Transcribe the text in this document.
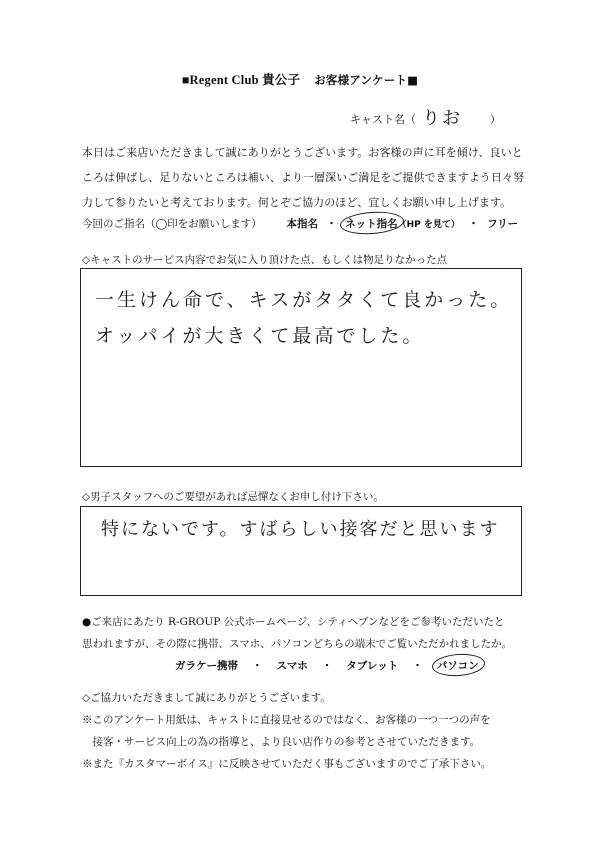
■Regent Club 貴公子 お客様アンケート■
キャスト名（ りお	）

本日はご来店いただきまして誠にありがとうございます。お客様の声に耳を傾け、良いと

ころは伸ばし、足りないところは補い、より一層深いご満足をご提供できますよう日々努

力して参りたいと考えております。何とぞご協力のほど、宜しくお願い申し上げます。

今回のご指名（◯印をお願いします） 本指名 ・ ネット指名（HP を見て） ・ フリー
◇キャストのサービス内容でお気に入り頂けた点、もしくは物足りなかった点
一生けん命で、キスがタタくて良かった。
オッパイが大きくて最高でした。
◇男子スタッフへのご要望があれば忌憚なくお申し付け下さい。
特にないです。すばらしい接客だと思います
●ご来店にあたり R-GROUP 公式ホームページ、シティヘブンなどをご参考いただいたと
思われますが、その際に携帯、スマホ、パソコンどちらの端末でご覧いただかれましたか。
ガラケー携帯 ・ スマホ ・ タブレット ・ パソコン
◇ご協力いただきまして誠にありがとうございます。
※このアンケート用紙は、キャストに直接見せるのではなく、お客様の一つ一つの声を
　接客・サービス向上の為の指導と、より良い店作りの参考とさせていただきます。
※また『カスタマーボイス』に反映させていただく事もございますのでご了承下さい。
